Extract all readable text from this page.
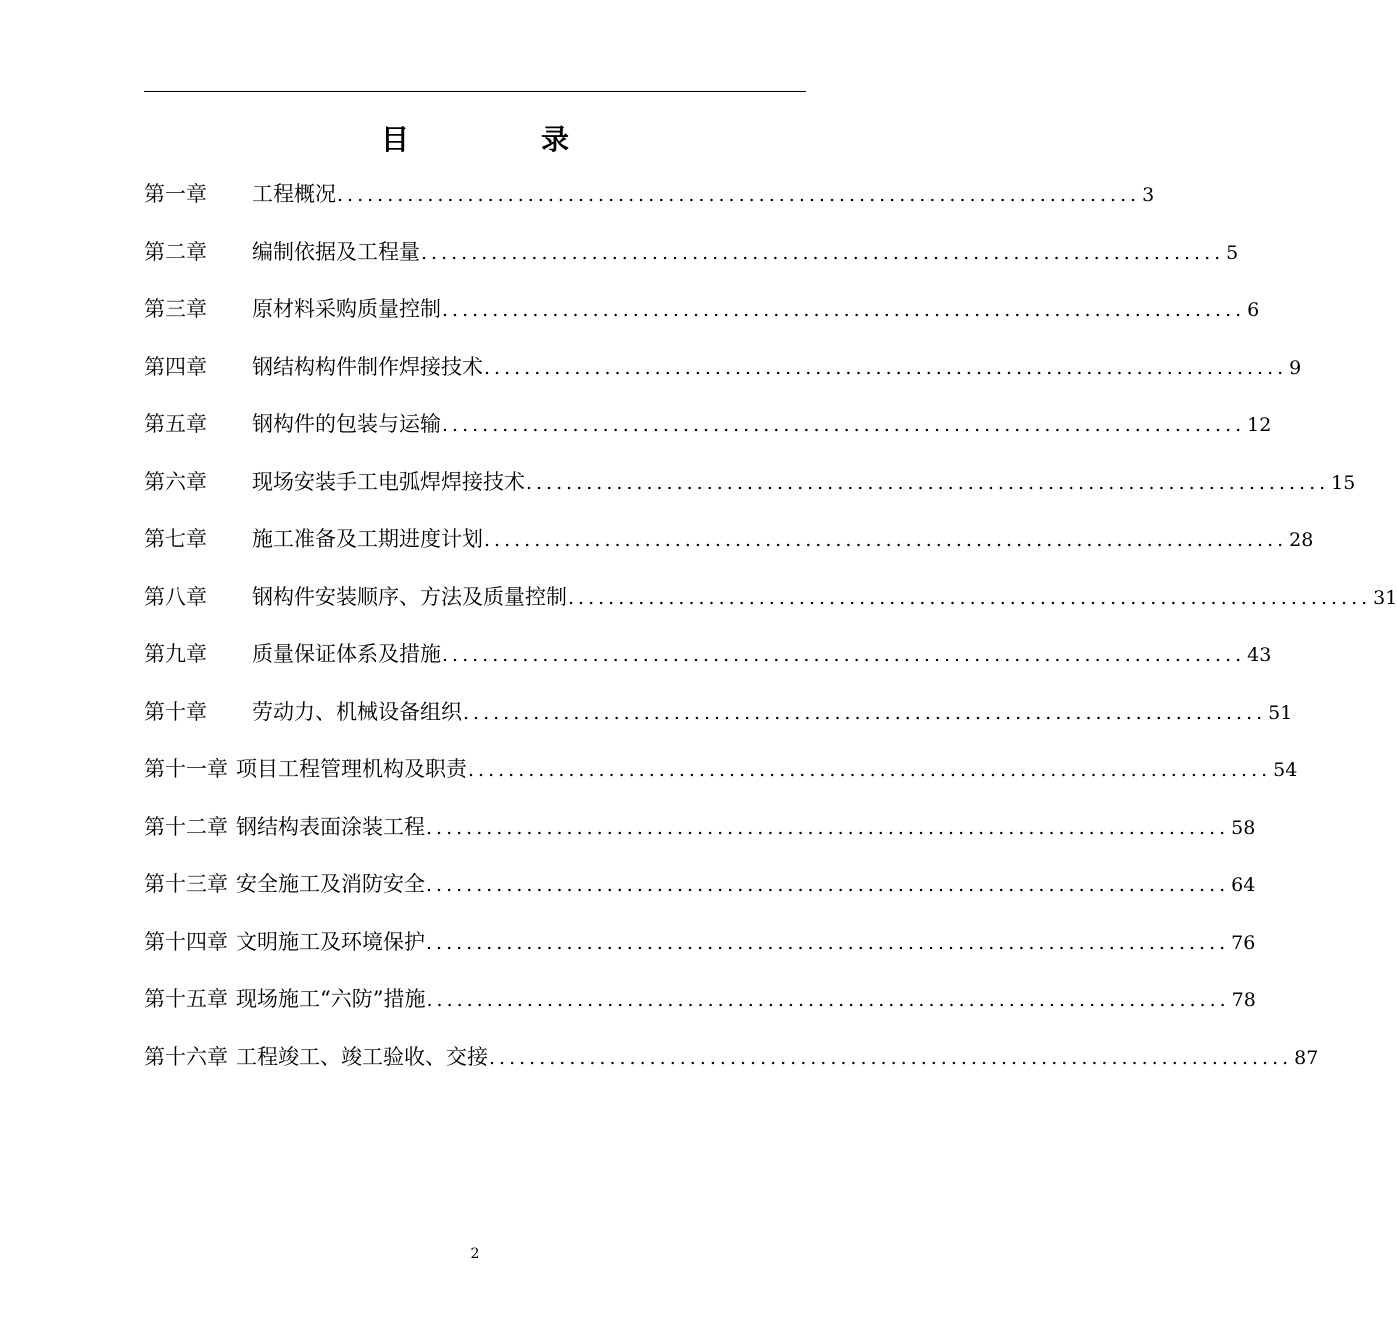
目　录
第一章	工程概况 ................................................................................ 3
第二章	编制依据及工程量 ................................................................................ 5
第三章	原材料采购质量控制 ................................................................................ 6
第四章	钢结构构件制作焊接技术 ................................................................................ 9
第五章	钢构件的包装与运输 ................................................................................ 12
第六章	现场安装手工电弧焊焊接技术 ................................................................................ 15
第七章	施工准备及工期进度计划 ................................................................................ 28
第八章	钢构件安装顺序、方法及质量控制 ................................................................................ 31
第九章	质量保证体系及措施 ................................................................................ 43
第十章	劳动力、机械设备组织 ................................................................................ 51
第十一章 项目工程管理机构及职责 ................................................................................ 54
第十二章 钢结构表面涂装工程 ................................................................................ 58
第十三章 安全施工及消防安全 ................................................................................ 64
第十四章 文明施工及环境保护 ................................................................................ 76
第十五章 现场施工“六防”措施 ................................................................................ 78
第十六章 工程竣工、竣工验收、交接 ................................................................................ 87
2
